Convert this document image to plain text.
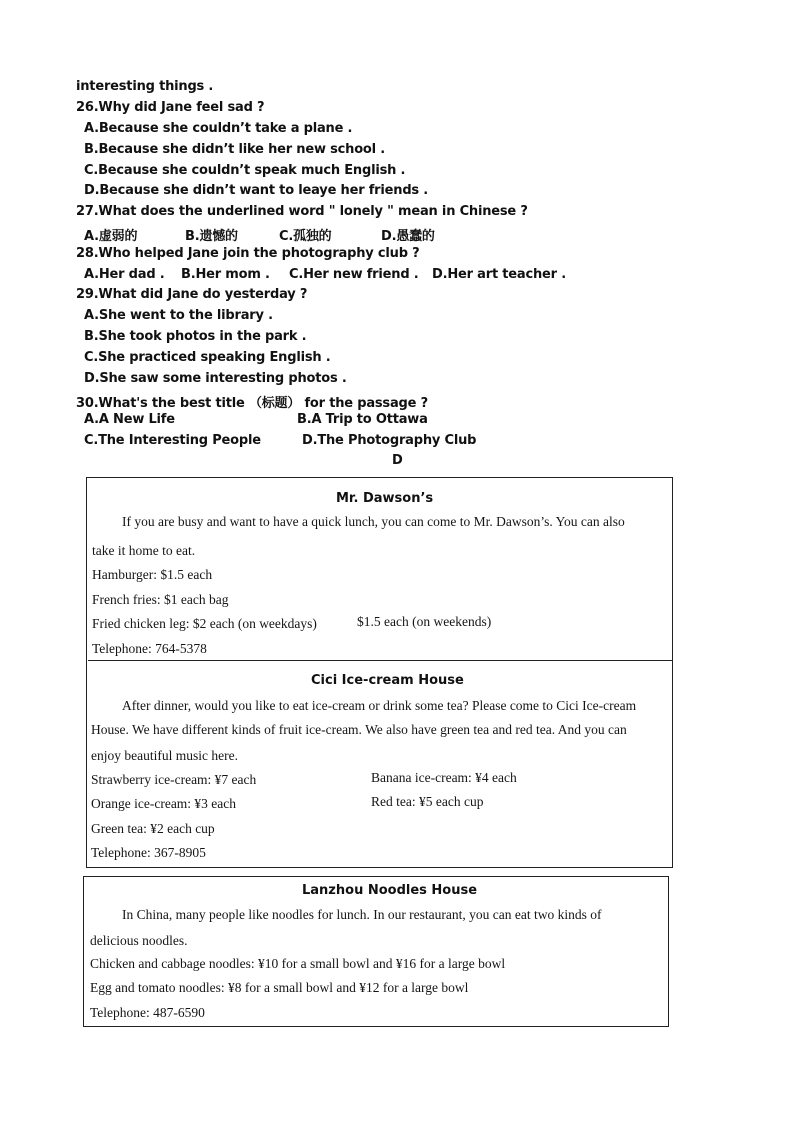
interesting things .
26.Why did Jane feel sad ?
A.Because she couldn’t take a plane .
B.Because she didn’t like her new school .
C.Because she couldn’t speak much English .
D.Because she didn’t want to leaye her friends .
27.What does the underlined word " lonely " mean in Chinese ?
A.虚弱的	B.遗憾的	C.孤独的	D.愚蠢的
28.Who helped Jane join the photography club ?
A.Her dad . B.Her mom . C.Her new friend . D.Her art teacher .
29.What did Jane do yesterday ?
A.She went to the library .
B.She took photos in the park .
C.She practiced speaking English .
D.She saw some interesting photos .
30.What's the best title （标题） for the passage ?
A.A New Life	B.A Trip to Ottawa
C.The Interesting People	D.The Photography Club
D
Mr. Dawson’s
If you are busy and want to have a quick lunch, you can come to Mr. Dawson’s. You can also
take it home to eat.
Hamburger: $1.5 each
French fries: $1 each bag
Fried chicken leg: $2 each (on weekdays)	$1.5 each (on weekends)
Telephone: 764-5378
Cici Ice-cream House
After dinner, would you like to eat ice-cream or drink some tea? Please come to Cici Ice-cream
House. We have different kinds of fruit ice-cream. We also have green tea and red tea. And you can
enjoy beautiful music here.
Strawberry ice-cream: ¥7 each	Banana ice-cream: ¥4 each
Orange ice-cream: ¥3 each	Red tea: ¥5 each cup
Green tea: ¥2 each cup
Telephone: 367-8905
Lanzhou Noodles House
In China, many people like noodles for lunch. In our restaurant, you can eat two kinds of
delicious noodles.
Chicken and cabbage noodles: ¥10 for a small bowl and ¥16 for a large bowl
Egg and tomato noodles: ¥8 for a small bowl and ¥12 for a large bowl
Telephone: 487-6590
